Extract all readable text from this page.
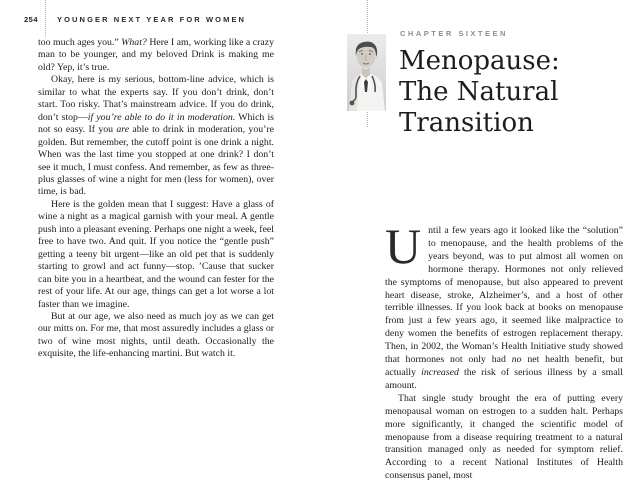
254	YOUNGER NEXT YEAR FOR WOMEN

too much ages you.” What? Here I am, working like a crazy man to be younger, and my beloved Drink is making me old? Yep, it’s true.

Okay, here is my serious, bottom-line advice, which is similar to what the experts say. If you don’t drink, don’t start. Too risky. That’s mainstream advice. If you do drink, don’t stop—if you’re able to do it in moderation. Which is not so easy. If you are able to drink in moderation, you’re golden. But remember, the cutoff point is one drink a night. When was the last time you stopped at one drink? I don’t see it much, I must confess. And remember, as few as three-plus glasses of wine a night for men (less for women), over time, is bad.

Here is the golden mean that I suggest: Have a glass of wine a night as a magical garnish with your meal. A gentle push into a pleasant evening. Perhaps one night a week, feel free to have two. And quit. If you notice the “gentle push” getting a teeny bit urgent—like an old pet that is suddenly starting to growl and act funny—stop. ’Cause that sucker can bite you in a heartbeat, and the wound can fester for the rest of your life. At our age, things can get a lot worse a lot faster than we imagine.

But at our age, we also need as much joy as we can get our mitts on. For me, that most assuredly includes a glass or two of wine most nights, until death. Occasionally the exquisite, the life-enhancing martini. But watch it.

CHAPTER SIXTEEN
Menopause:
The Natural
Transition

Until a few years ago it looked like the “solution” to menopause, and the health problems of the years beyond, was to put almost all women on hormone therapy. Hormones not only relieved the symptoms of menopause, but also appeared to prevent heart disease, stroke, Alzheimer’s, and a host of other terrible illnesses. If you look back at books on menopause from just a few years ago, it seemed like malpractice to deny women the benefits of estrogen replacement therapy. Then, in 2002, the Woman’s Health Initiative study showed that hormones not only had no net health benefit, but actually increased the risk of serious illness by a small amount.

That single study brought the era of putting every menopausal woman on estrogen to a sudden halt. Perhaps more significantly, it changed the scientific model of menopause from a disease requiring treatment to a natural transition managed only as needed for symptom relief. According to a recent National Institutes of Health consensus panel, most
